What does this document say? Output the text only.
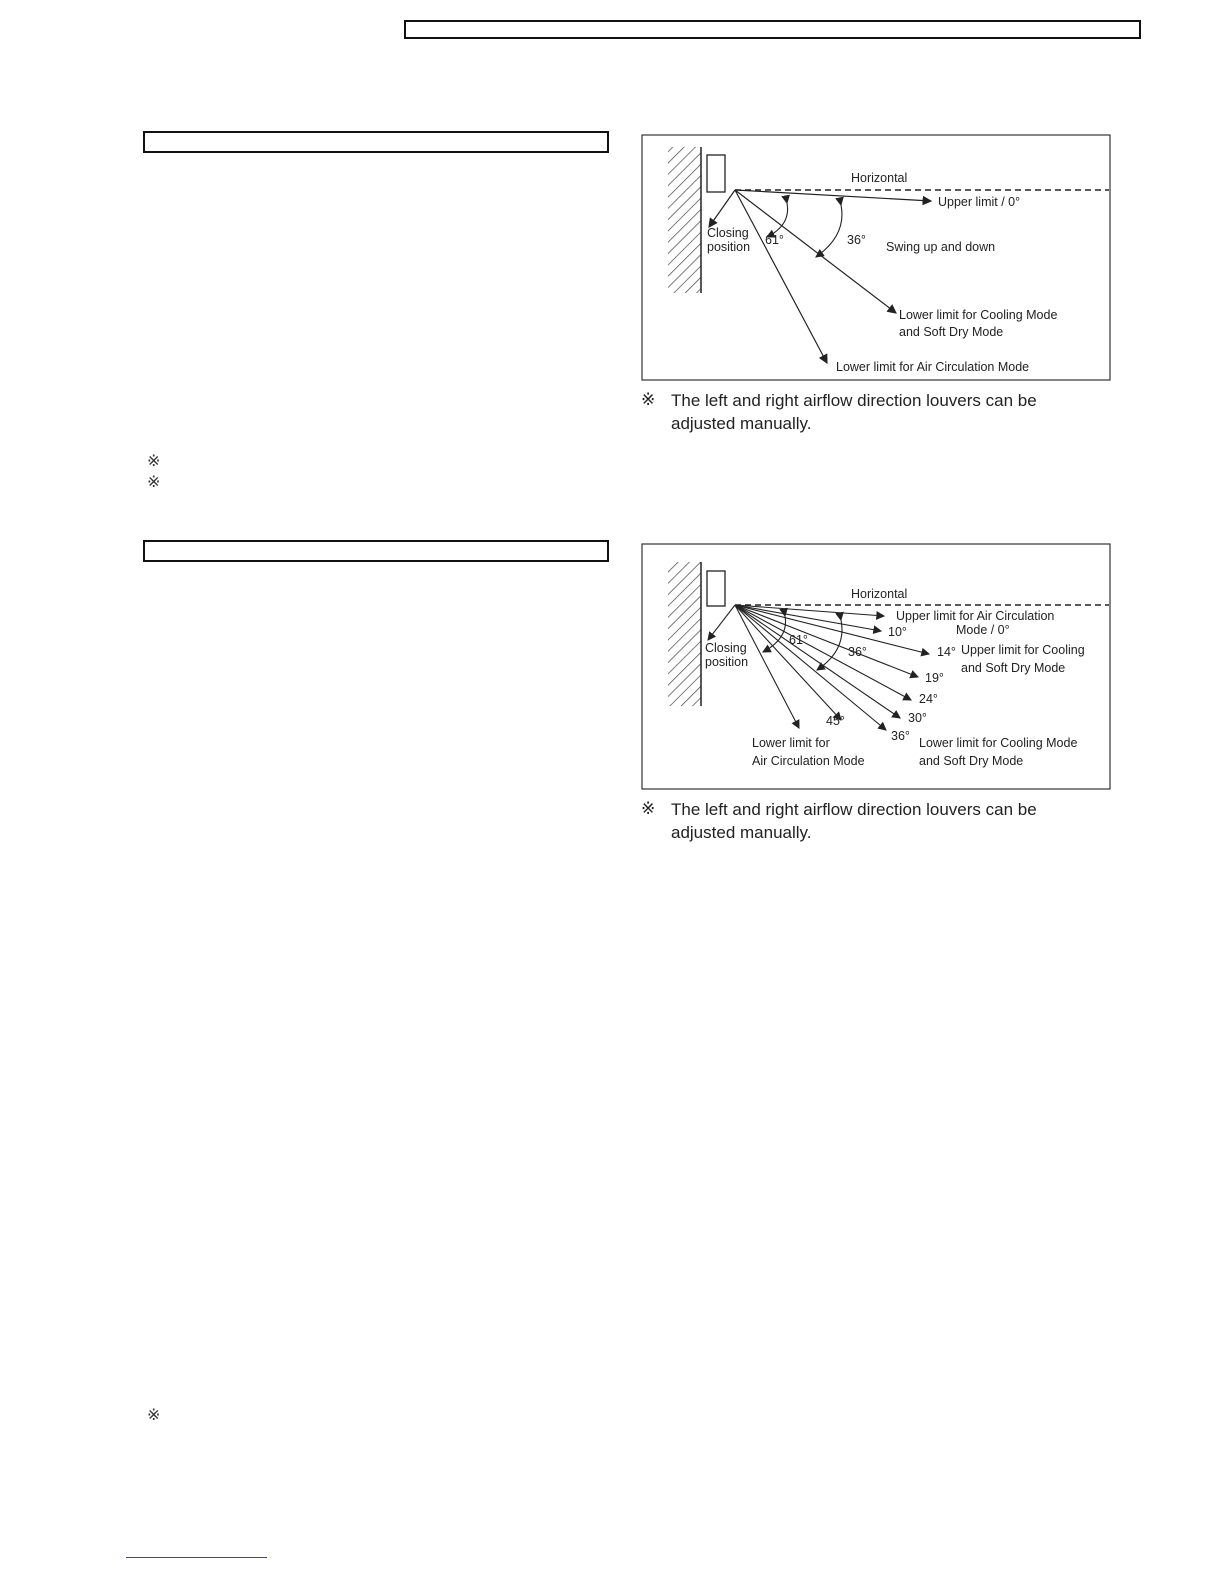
Horizontal
Upper limit / 0°
Closing
position 61°	36° Swing up and down
Lower limit for Cooling Mode
and Soft Dry Mode
Lower limit for Air Circulation Mode
※ The left and right airflow direction louvers can be adjusted manually.
※
※
Horizontal
Upper limit for Air Circulation
Mode / 0°
Closing
position
61°
36°
10°
14° Upper limit for Cooling
and Soft Dry Mode
19°
24°
30°
36°
45°
Lower limit for
Air Circulation Mode
Lower limit for Cooling Mode
and Soft Dry Mode
※ The left and right airflow direction louvers can be adjusted manually.
※
